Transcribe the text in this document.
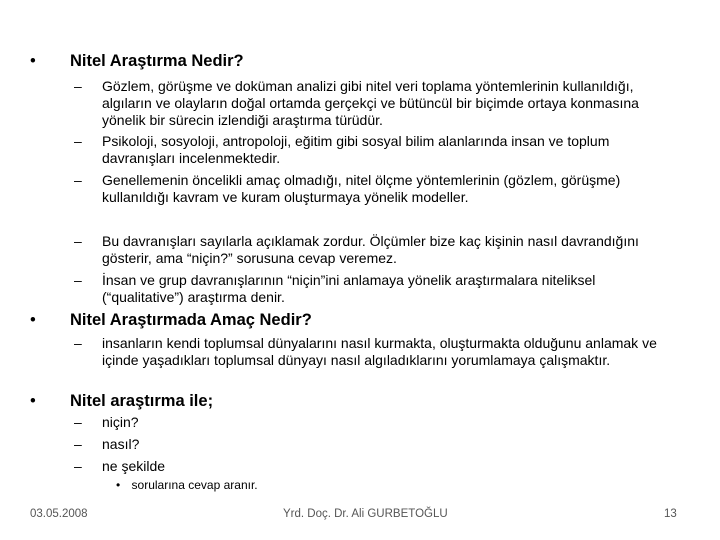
• Nitel Araştırma Nedir?
– Gözlem, görüşme ve doküman analizi gibi nitel veri toplama yöntemlerinin kullanıldığı, algıların ve olayların doğal ortamda gerçekçi ve bütüncül bir biçimde ortaya konmasına yönelik bir sürecin izlendiği araştırma türüdür.
– Psikoloji, sosyoloji, antropoloji, eğitim gibi sosyal bilim alanlarında insan ve toplum davranışları incelenmektedir.
– Genellemenin öncelikli amaç olmadığı, nitel ölçme yöntemlerinin (gözlem, görüşme) kullanıldığı kavram ve kuram oluşturmaya yönelik modeller.
– Bu davranışları sayılarla açıklamak zordur. Ölçümler bize kaç kişinin nasıl davrandığını gösterir, ama “niçin?” sorusuna cevap veremez.
– İnsan ve grup davranışlarının “niçin”ini anlamaya yönelik araştırmalara niteliksel (“qualitative”) araştırma denir.
• Nitel Araştırmada Amaç Nedir?
– insanların kendi toplumsal dünyalarını nasıl kurmakta, oluşturmakta olduğunu anlamak ve içinde yaşadıkları toplumsal dünyayı nasıl algıladıklarını yorumlamaya çalışmaktır.
• Nitel araştırma ile;
– niçin?
– nasıl?
– ne şekilde
• sorularına cevap aranır.
03.05.2008	Yrd. Doç. Dr. Ali GURBETOĞLU	13
